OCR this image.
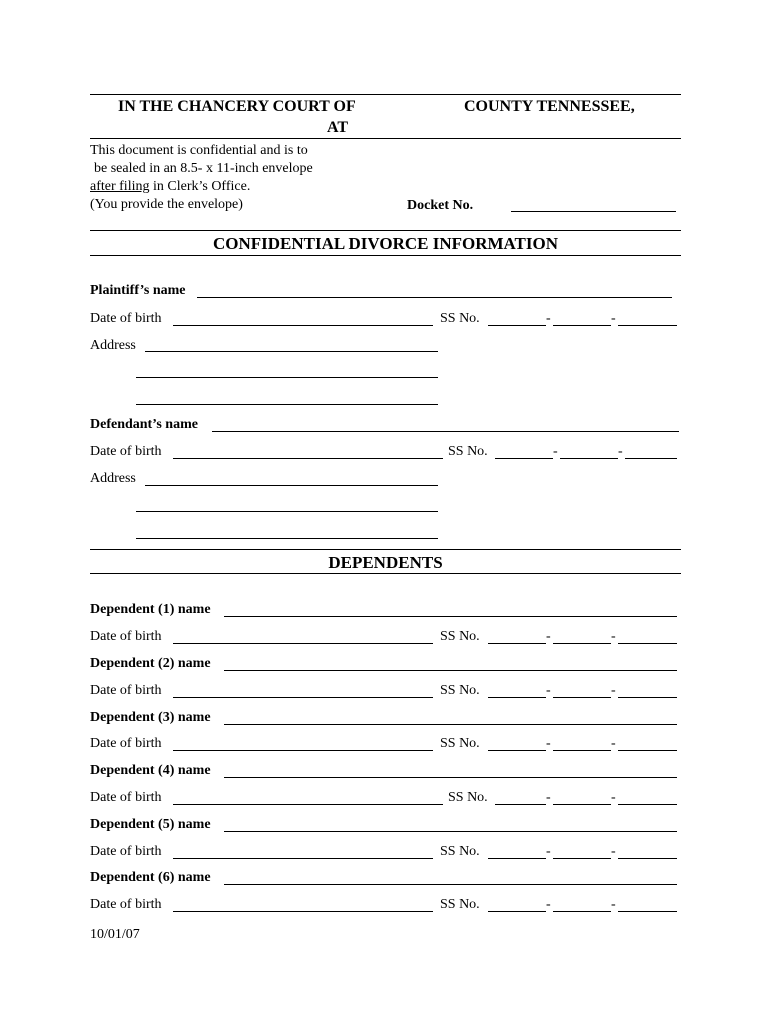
IN THE CHANCERY COURT OF	COUNTY TENNESSEE,
AT
This document is confidential and is to
be sealed in an 8.5- x 11-inch envelope
after filing in Clerk’s Office.
(You provide the envelope)	Docket No.
CONFIDENTIAL DIVORCE INFORMATION
Plaintiff’s name
Date of birth	SS No.	-	-
Address
Defendant’s name
Date of birth	SS No.	-	-
Address
DEPENDENTS
Dependent (1) name
Date of birth	SS No.	-	-
Dependent (2) name
Date of birth	SS No.	-	-
Dependent (3) name
Date of birth	SS No.	-	-
Dependent (4) name
Date of birth	SS No.	-	-
Dependent (5) name
Date of birth	SS No.	-	-
Dependent (6) name
Date of birth	SS No.	-	-
10/01/07
